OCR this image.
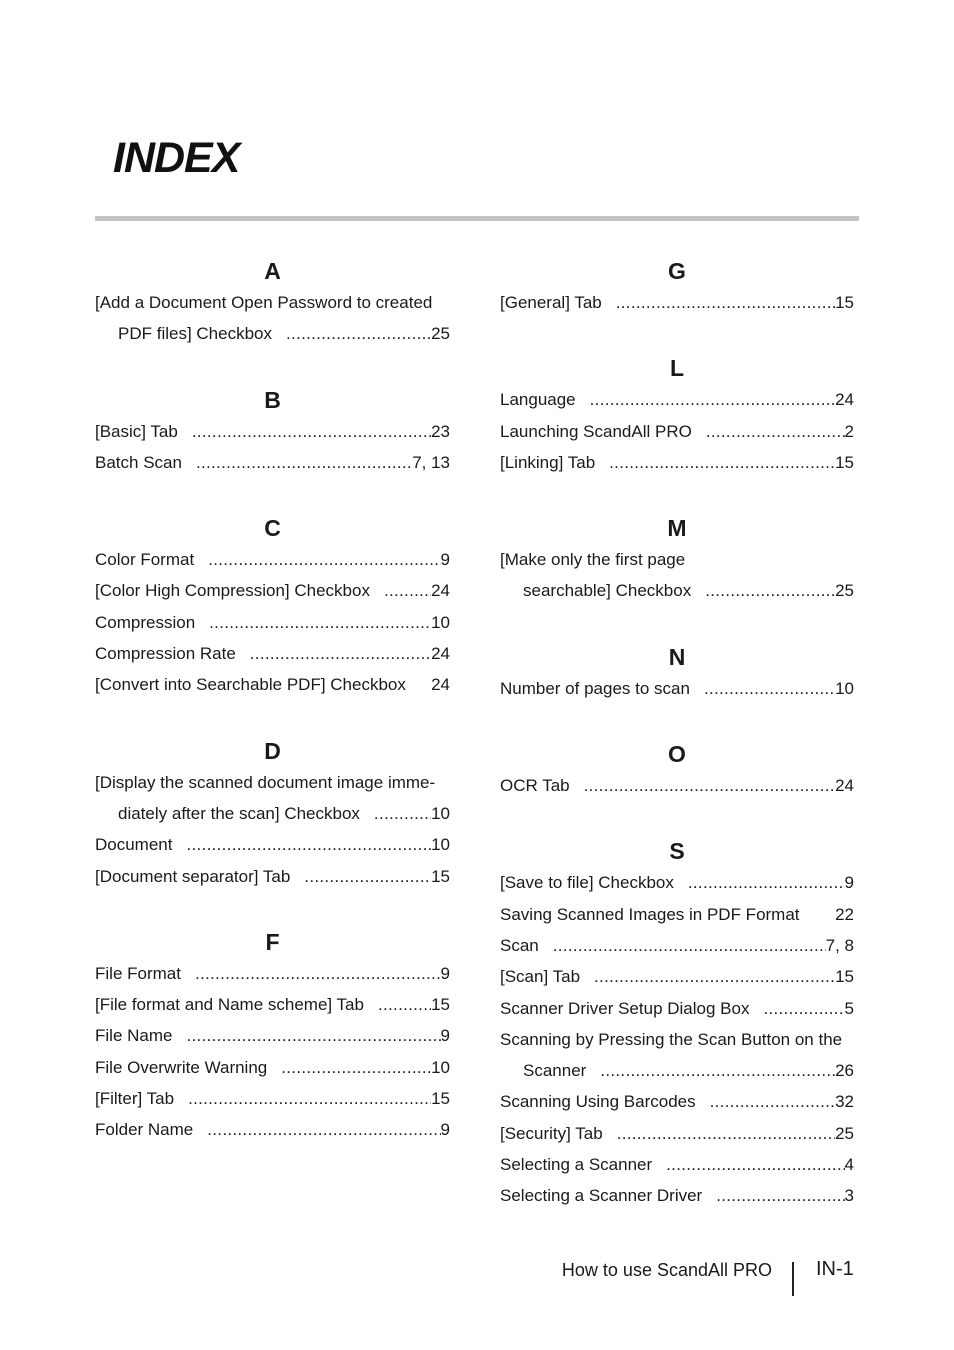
INDEX
A
[Add a Document Open Password to created
PDF files] Checkbox .....	25
B
[Basic] Tab .....	23
Batch Scan .....	7, 13
C
Color Format .....	9
[Color High Compression] Checkbox .....	24
Compression .....	10
Compression Rate .....	24
[Convert into Searchable PDF] Checkbox 24
D
[Display the scanned document image imme-
diately after the scan] Checkbox .....	10
Document .....	10
[Document separator] Tab .....	15
F
File Format .....	9
[File format and Name scheme] Tab .....	15
File Name .....	9
File Overwrite Warning .....	10
[Filter] Tab .....	15
Folder Name .....	9
G
[General] Tab .....	15
L
Language .....	24
Launching ScandAll PRO .....	2
[Linking] Tab .....	15
M
[Make only the first page
searchable] Checkbox .....	25
N
Number of pages to scan .....	10
O
OCR Tab .....	24
S
[Save to file] Checkbox .....	9
Saving Scanned Images in PDF Format 22
Scan .....	7, 8
[Scan] Tab .....	15
Scanner Driver Setup Dialog Box .....	5
Scanning by Pressing the Scan Button on the
Scanner .....	26
Scanning Using Barcodes .....	32
[Security] Tab .....	25
Selecting a Scanner .....	4
Selecting a Scanner Driver .....	3
How to use ScandAll PRO IN-1
